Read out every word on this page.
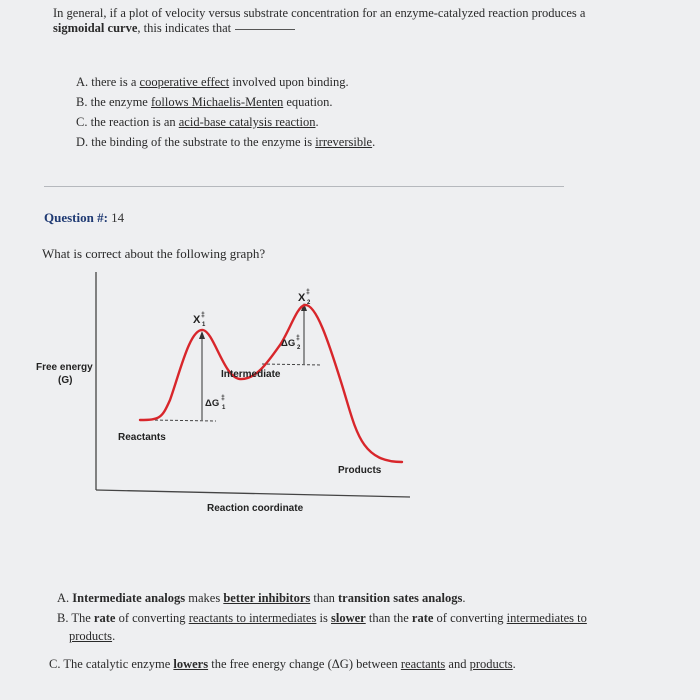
In general, if a plot of velocity versus substrate concentration for an enzyme-catalyzed reaction produces a
sigmoidal curve, this indicates that
A. there is a cooperative effect involved upon binding.
B. the enzyme follows Michaelis-Menten equation.
C. the reaction is an acid-base catalysis reaction.
D. the binding of the substrate to the enzyme is irreversible.
Question #: 14
What is correct about the following graph?
Free energy
(G)
Reactants
Intermediate
Products
Reaction coordinate
X ‡
1
X ‡
2
ΔG ‡
1
ΔG ‡
2
A. Intermediate analogs makes better inhibitors than transition sates analogs.
B. The rate of converting reactants to intermediates is slower than the rate of converting intermediates to
products.
C. The catalytic enzyme lowers the free energy change (ΔG) between reactants and products.
